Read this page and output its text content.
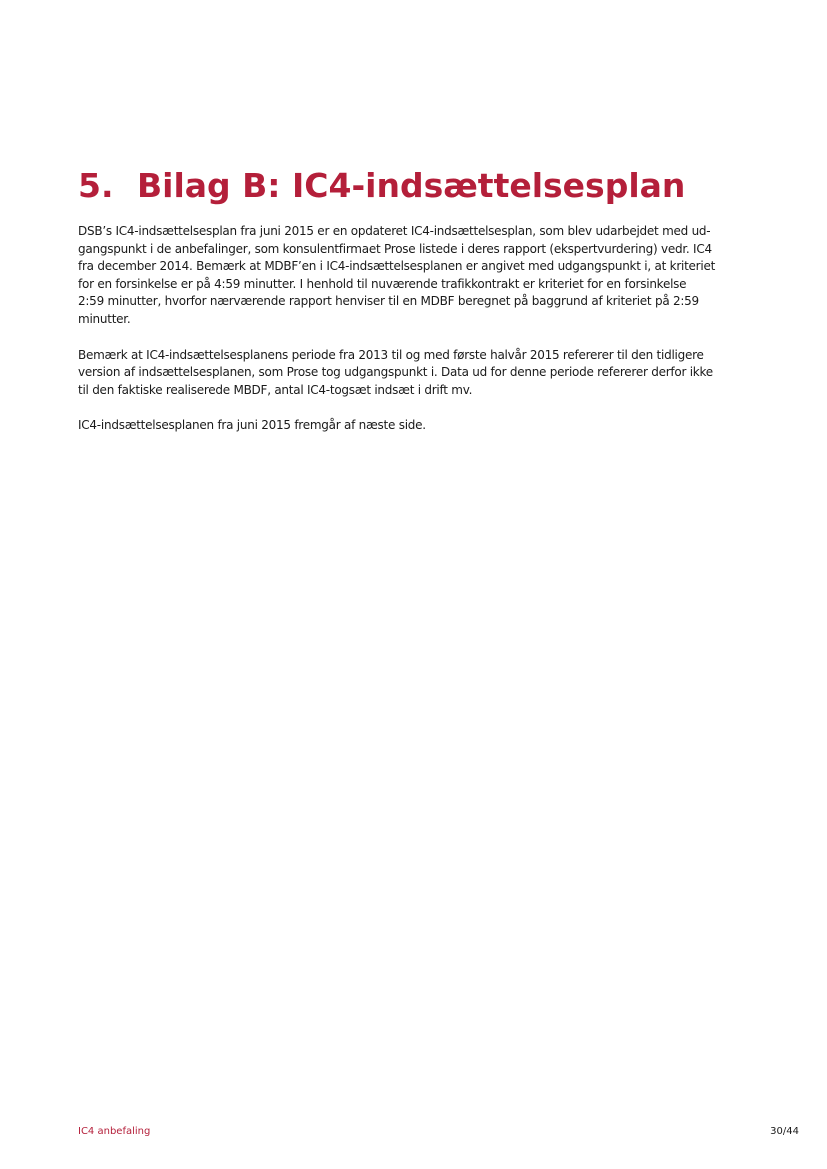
5. Bilag B: IC4-indsættelsesplan

DSB’s IC4-indsættelsesplan fra juni 2015 er en opdateret IC4-indsættelsesplan, som blev udarbejdet med ud-
gangspunkt i de anbefalinger, som konsulentfirmaet Prose listede i deres rapport (ekspertvurdering) vedr. IC4
fra december 2014. Bemærk at MDBF’en i IC4-indsættelsesplanen er angivet med udgangspunkt i, at kriteriet
for en forsinkelse er på 4:59 minutter. I henhold til nuværende trafikkontrakt er kriteriet for en forsinkelse
2:59 minutter, hvorfor nærværende rapport henviser til en MDBF beregnet på baggrund af kriteriet på 2:59
minutter.

Bemærk at IC4-indsættelsesplanens periode fra 2013 til og med første halvår 2015 refererer til den tidligere
version af indsættelsesplanen, som Prose tog udgangspunkt i. Data ud for denne periode refererer derfor ikke
til den faktiske realiserede MBDF, antal IC4-togsæt indsæt i drift mv.

IC4-indsættelsesplanen fra juni 2015 fremgår af næste side.

IC4 anbefaling	30/44
